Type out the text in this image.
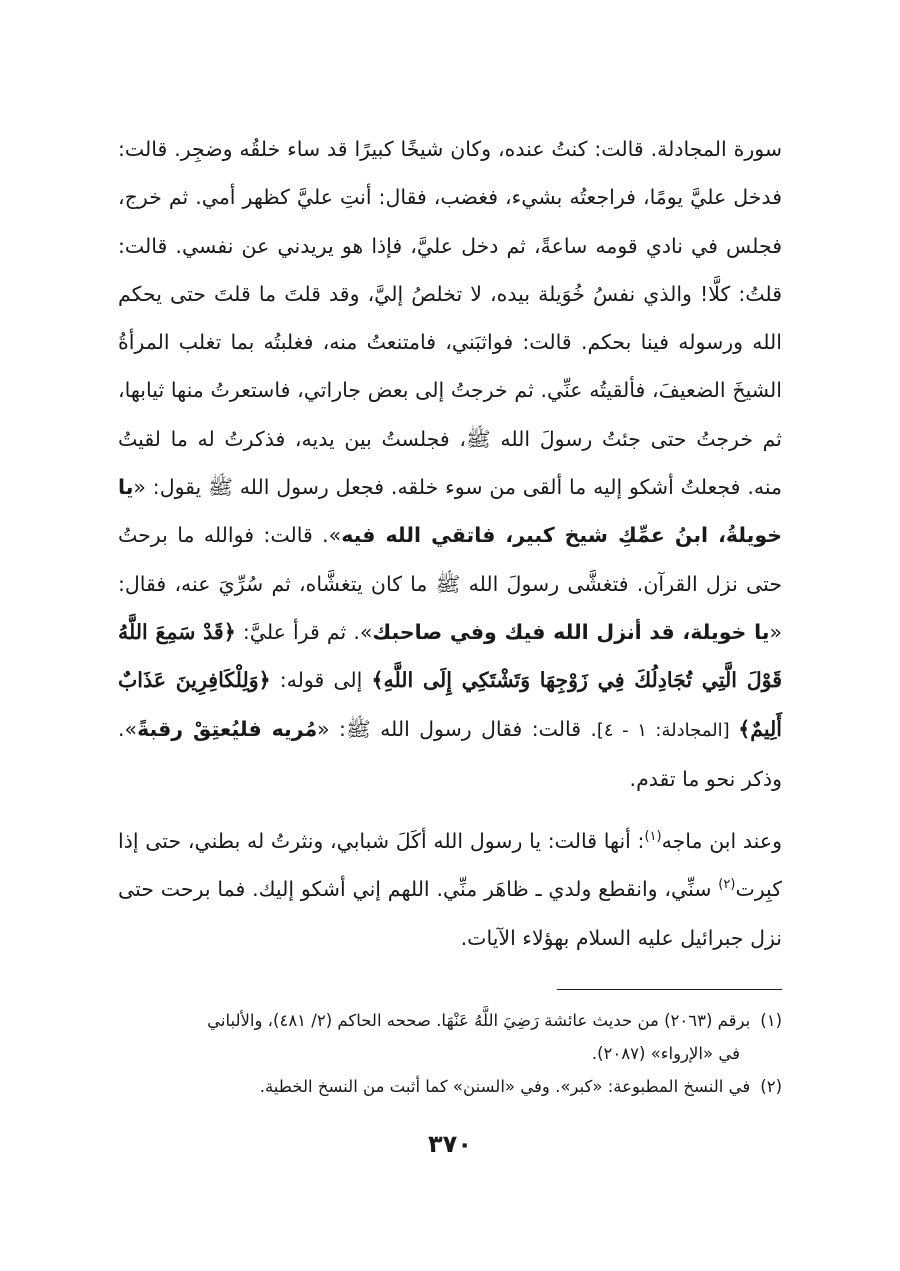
سورة المجادلة. قالت: كنتُ عنده، وكان شيخًا كبيرًا قد ساء خلقُه وضجِر. قالت: فدخل عليَّ يومًا، فراجعتُه بشيء، فغضب، فقال: أنتِ عليَّ كظهر أمي. ثم خرج، فجلس في نادي قومه ساعةً، ثم دخل عليَّ، فإذا هو يريدني عن نفسي. قالت: قلتُ: كلَّا! والذي نفسُ خُوَيلة بيده، لا تخلصُ إليَّ، وقد قلتَ ما قلتَ حتى يحكم الله ورسوله فينا بحكم. قالت: فواثبَني، فامتنعتُ منه، فغلبتُه بما تغلب المرأةُ الشيخَ الضعيفَ، فألقيتُه عنِّي. ثم خرجتُ إلى بعض جاراتي، فاستعرتُ منها ثيابها، ثم خرجتُ حتى جئتُ رسولَ الله ﷺ، فجلستُ بين يديه، فذكرتُ له ما لقيتُ منه. فجعلتُ أشكو إليه ما ألقى من سوء خلقه. فجعل رسول الله ﷺ يقول: «يا خويلةُ، ابنُ عمِّكِ شيخ كبير، فاتقي الله فيه». قالت: فوالله ما برحتُ حتى نزل القرآن. فتغشَّى رسولَ الله ﷺ ما كان يتغشَّاه، ثم سُرِّيَ عنه، فقال: «يا خويلة، قد أنزل الله فيك وفي صاحبك». ثم قرأ عليَّ: ﴿قَدْ سَمِعَ اللَّهُ قَوْلَ الَّتِي تُجَادِلُكَ فِي زَوْجِهَا وَتَشْتَكِي إِلَى اللَّهِ﴾ إلى قوله: ﴿وَلِلْكَافِرِينَ عَذَابٌ أَلِيمٌ﴾ [المجادلة: ١ - ٤]. قالت: فقال رسول الله ﷺ: «مُريه فليُعتِقْ رقبةً». وذكر نحو ما تقدم.

وعند ابن ماجه$^{(١)}$: أنها قالت: يا رسول الله أكَلَ شبابي، ونثرتُ له بطني، حتى إذا كبِرت$^{(٢)}$ سنِّي، وانقطع ولدي ـ ظاهَر منِّي. اللهم إني أشكو إليك. فما برحت حتى نزل جبرائيل عليه السلام بهؤلاء الآيات.

(١)برقم (٢٠٦٣) من حديث عائشة رَضِيَ اللَّهُ عَنْهَا. صححه الحاكم (٢/ ٤٨١)، والألباني

في «الإرواء» (٢٠٨٧).

(٢)في النسخ المطبوعة: «كبر». وفي «السنن» كما أثبت من النسخ الخطية.

٣٧٠
